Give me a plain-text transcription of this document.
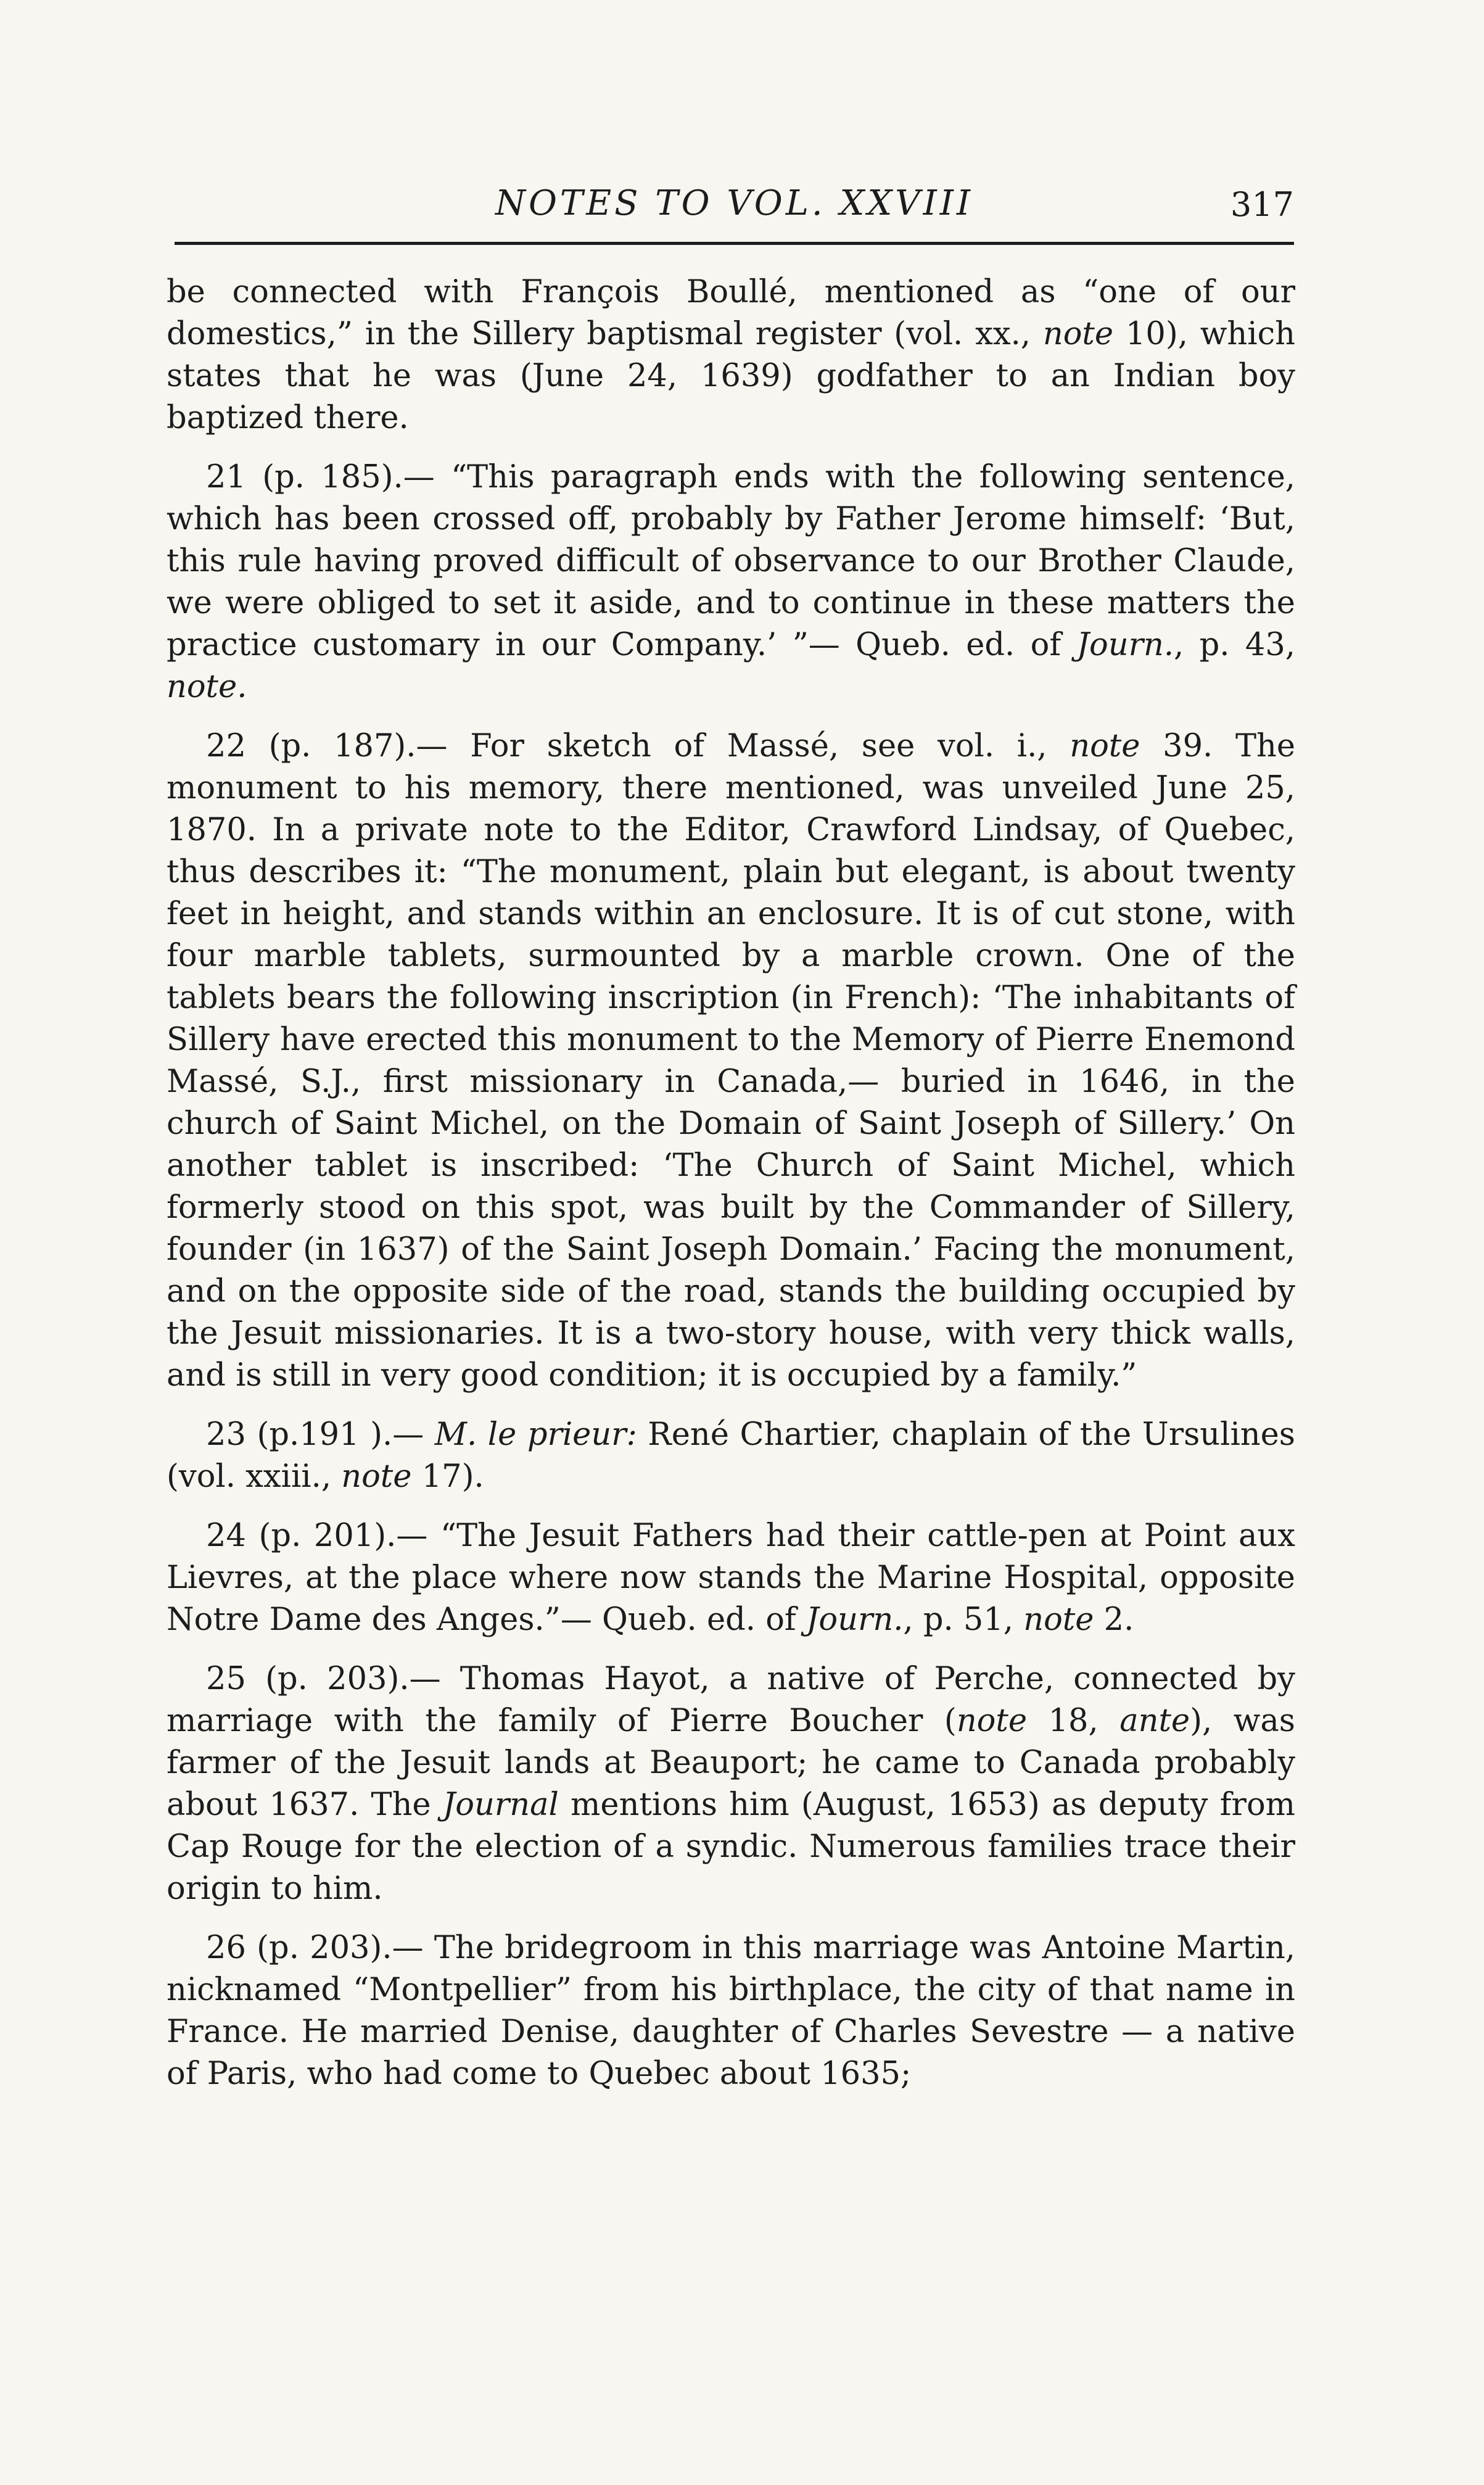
NOTES TO VOL. XXVIII	317

be connected with François Boullé, mentioned as “one of our domestics,” in the Sillery baptismal register (vol. xx., note 10), which states that he was (June 24, 1639) godfather to an Indian boy baptized there.

21 (p. 185).— “This paragraph ends with the following sentence, which has been crossed off, probably by Father Jerome himself: ‘But, this rule having proved difficult of observance to our Brother Claude, we were obliged to set it aside, and to continue in these matters the practice customary in our Company.’ ”— Queb. ed. of Journ., p. 43, note.

22 (p. 187).— For sketch of Massé, see vol. i., note 39. The monument to his memory, there mentioned, was unveiled June 25, 1870. In a private note to the Editor, Crawford Lindsay, of Quebec, thus describes it: “The monument, plain but elegant, is about twenty feet in height, and stands within an enclosure. It is of cut stone, with four marble tablets, surmounted by a marble crown. One of the tablets bears the following inscription (in French): ‘The inhabitants of Sillery have erected this monument to the Memory of Pierre Enemond Massé, S.J., first missionary in Canada,— buried in 1646, in the church of Saint Michel, on the Domain of Saint Joseph of Sillery.’ On another tablet is inscribed: ‘The Church of Saint Michel, which formerly stood on this spot, was built by the Commander of Sillery, founder (in 1637) of the Saint Joseph Domain.’ Facing the monument, and on the opposite side of the road, stands the building occupied by the Jesuit missionaries. It is a two-story house, with very thick walls, and is still in very good condition; it is occupied by a family.”

23 (p.191 ).— M. le prieur: René Chartier, chaplain of the Ursulines (vol. xxiii., note 17).

24 (p. 201).— “The Jesuit Fathers had their cattle-pen at Point aux Lievres, at the place where now stands the Marine Hospital, opposite Notre Dame des Anges.”— Queb. ed. of Journ., p. 51, note 2.

25 (p. 203).— Thomas Hayot, a native of Perche, connected by marriage with the family of Pierre Boucher (note 18, ante), was farmer of the Jesuit lands at Beauport; he came to Canada probably about 1637. The Journal mentions him (August, 1653) as deputy from Cap Rouge for the election of a syndic. Numerous families trace their origin to him.

26 (p. 203).— The bridegroom in this marriage was Antoine Martin, nicknamed “Montpellier” from his birthplace, the city of that name in France. He married Denise, daughter of Charles Sevestre — a native of Paris, who had come to Quebec about 1635;
